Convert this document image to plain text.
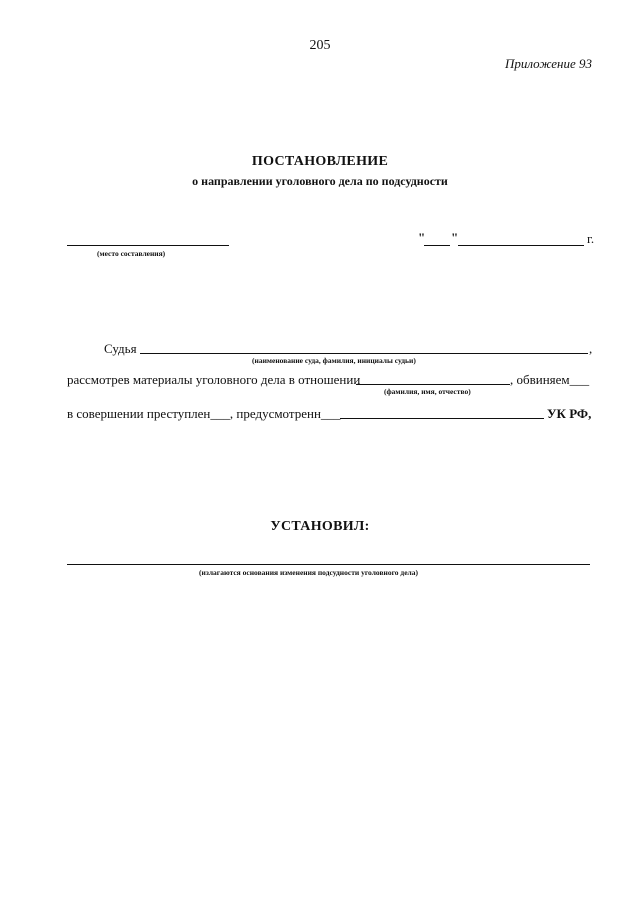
205
Приложение 93
ПОСТАНОВЛЕНИЕ
о направлении уголовного дела по подсудности
(место составления)
" "	г.
Судья	,
(наименование суда, фамилия, инициалы судьи)
рассмотрев материалы уголовного дела в отношении	, обвиняем___
(фамилия, имя, отчество)
в совершении преступлен___, предусмотренн___	УК РФ,
УСТАНОВИЛ:
(излагаются основания изменения подсудности уголовного дела)
